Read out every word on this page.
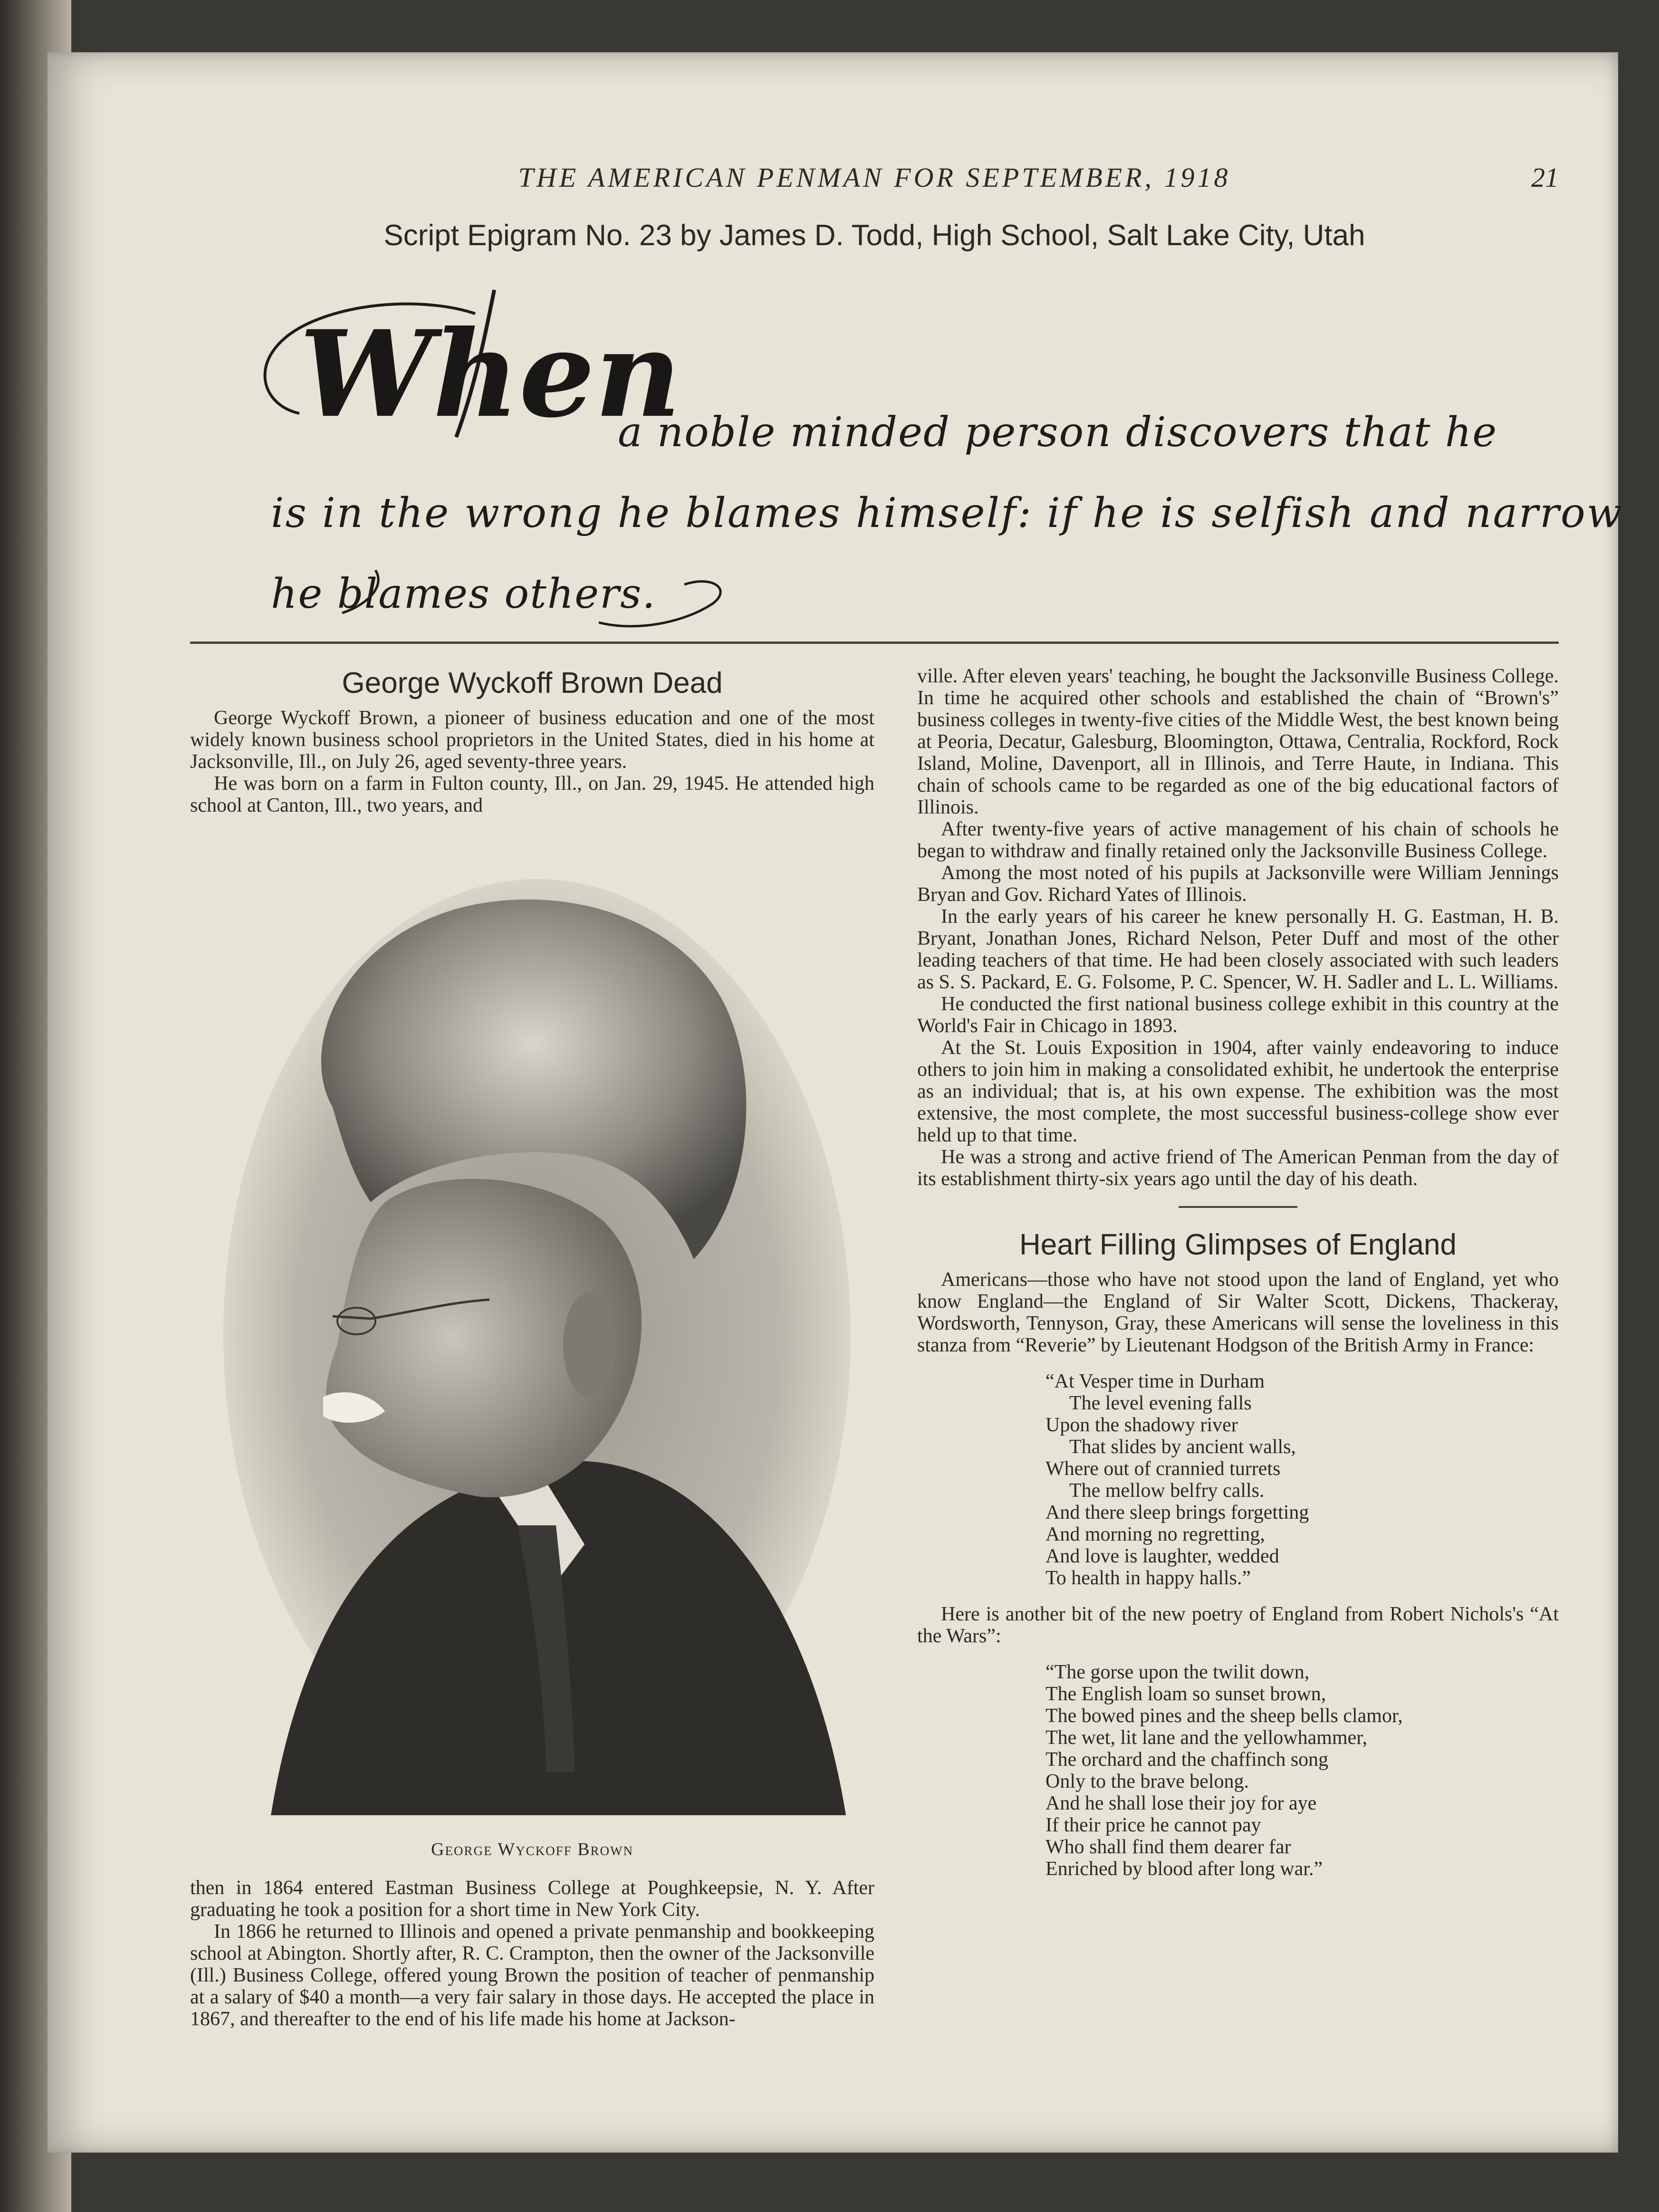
THE AMERICAN PENMAN FOR SEPTEMBER, 1918	21
Script Epigram No. 23 by James D. Todd, High School, Salt Lake City, Utah
When
a noble minded person discovers that he
is in the wrong he blames himself: if he is selfish and narrow
he blames others.
George Wyckoff Brown Dead

George Wyckoff Brown, a pioneer of business education and one of the most widely known business school proprietors in the United States, died in his home at Jacksonville, Ill., on July 26, aged seventy-three years.

He was born on a farm in Fulton county, Ill., on Jan. 29, 1945. He attended high school at Canton, Ill., two years, and

George Wyckoff Brown

then in 1864 entered Eastman Business College at Poughkeepsie, N. Y. After graduating he took a position for a short time in New York City.

In 1866 he returned to Illinois and opened a private penmanship and bookkeeping school at Abington. Shortly after, R. C. Crampton, then the owner of the Jacksonville (Ill.) Business College, offered young Brown the position of teacher of penmanship at a salary of $40 a month—a very fair salary in those days. He accepted the place in 1867, and thereafter to the end of his life made his home at Jackson-

ville. After eleven years' teaching, he bought the Jacksonville Business College. In time he acquired other schools and established the chain of “Brown's” business colleges in twenty-five cities of the Middle West, the best known being at Peoria, Decatur, Galesburg, Bloomington, Ottawa, Centralia, Rockford, Rock Island, Moline, Davenport, all in Illinois, and Terre Haute, in Indiana. This chain of schools came to be regarded as one of the big educational factors of Illinois.

After twenty-five years of active management of his chain of schools he began to withdraw and finally retained only the Jacksonville Business College.

Among the most noted of his pupils at Jacksonville were William Jennings Bryan and Gov. Richard Yates of Illinois.

In the early years of his career he knew personally H. G. Eastman, H. B. Bryant, Jonathan Jones, Richard Nelson, Peter Duff and most of the other leading teachers of that time. He had been closely associated with such leaders as S. S. Packard, E. G. Folsome, P. C. Spencer, W. H. Sadler and L. L. Williams.

He conducted the first national business college exhibit in this country at the World's Fair in Chicago in 1893.

At the St. Louis Exposition in 1904, after vainly endeavoring to induce others to join him in making a consolidated exhibit, he undertook the enterprise as an individual; that is, at his own expense. The exhibition was the most extensive, the most complete, the most successful business-college show ever held up to that time.

He was a strong and active friend of The American Penman from the day of its establishment thirty-six years ago until the day of his death.

Heart Filling Glimpses of England

Americans—those who have not stood upon the land of England, yet who know England—the England of Sir Walter Scott, Dickens, Thackeray, Wordsworth, Tennyson, Gray, these Americans will sense the loveliness in this stanza from “Reverie” by Lieutenant Hodgson of the British Army in France:

“At Vesper time in Durham
The level evening falls
Upon the shadowy river
That slides by ancient walls,
Where out of crannied turrets
The mellow belfry calls.
And there sleep brings forgetting
And morning no regretting,
And love is laughter, wedded
To health in happy halls.”

Here is another bit of the new poetry of England from Robert Nichols's “At the Wars”:

“The gorse upon the twilit down,
The English loam so sunset brown,
The bowed pines and the sheep bells clamor,
The wet, lit lane and the yellowhammer,
The orchard and the chaffinch song
Only to the brave belong.
And he shall lose their joy for aye
If their price he cannot pay
Who shall find them dearer far
Enriched by blood after long war.”
